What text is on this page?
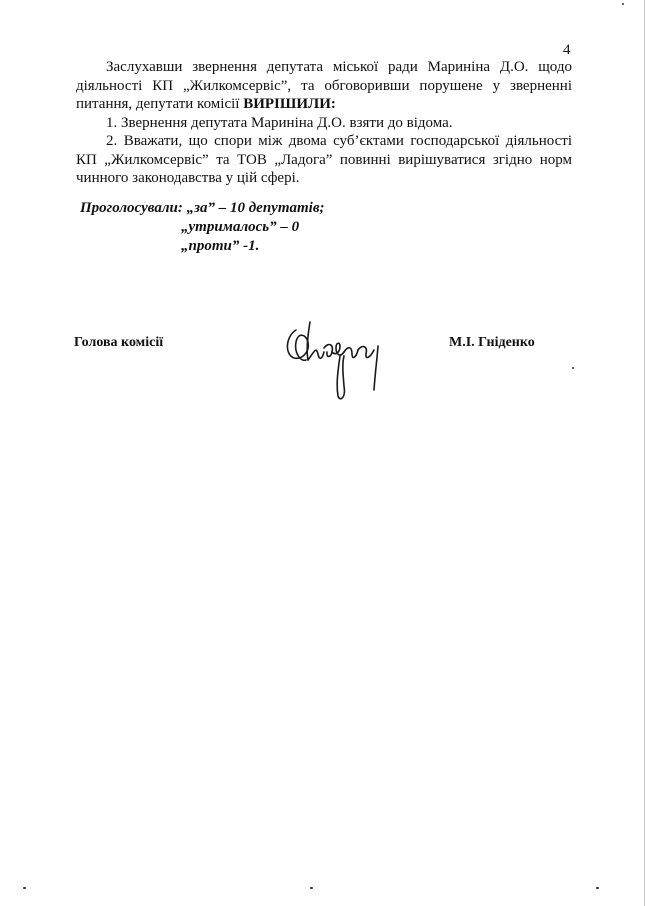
4

Заслухавши звернення депутата міської ради Мариніна Д.О. щодо
діяльності КП „Жилкомсервіс”, та обговоривши порушене у зверненні
питання, депутати комісії ВИРІШИЛИ:

1. Звернення депутата Мариніна Д.О. взяти до відома.

2. Вважати, що спори між двома суб’єктами господарської діяльності
КП „Жилкомсервіс” та ТОВ „Ладога” повинні вирішуватися згідно норм
чинного законодавства у цій сфері.

Проголосували: „за” – 10 депутатів;
„утрималось” – 0
„проти” -1.
Голова комісії	М.І. Гніденко
